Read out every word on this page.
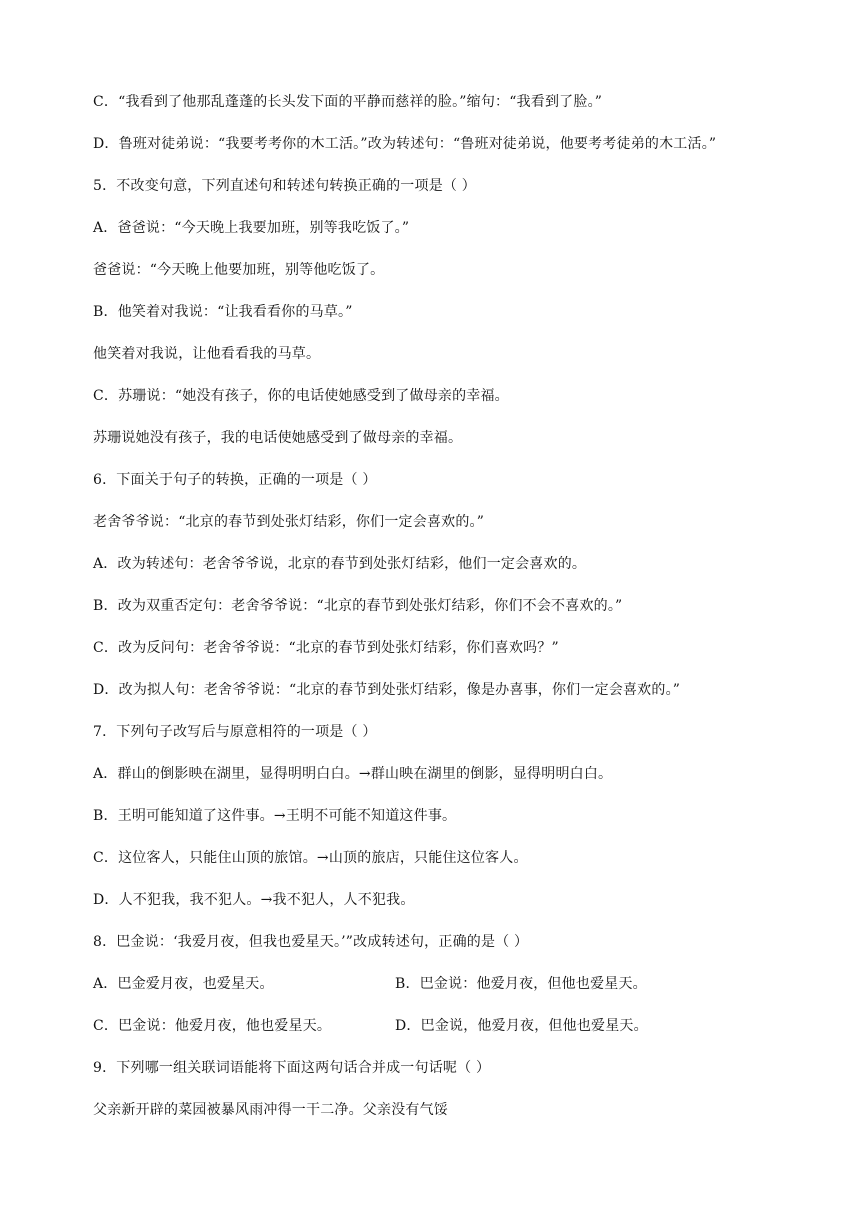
C．“我看到了他那乱蓬蓬的长头发下面的平静而慈祥的脸。”缩句：“我看到了脸。”
D．鲁班对徒弟说：“我要考考你的木工活。”改为转述句：“鲁班对徒弟说，他要考考徒弟的木工活。”
5．不改变句意，下列直述句和转述句转换正确的一项是（ ）
A．爸爸说：“今天晚上我要加班，别等我吃饭了。”
爸爸说：“今天晚上他要加班，别等他吃饭了。
B．他笑着对我说：“让我看看你的马草。”
他笑着对我说，让他看看我的马草。
C．苏珊说：“她没有孩子，你的电话使她感受到了做母亲的幸福。
苏珊说她没有孩子，我的电话使她感受到了做母亲的幸福。
6．下面关于句子的转换，正确的一项是（ ）
老舍爷爷说：“北京的春节到处张灯结彩，你们一定会喜欢的。”
A．改为转述句：老舍爷爷说，北京的春节到处张灯结彩，他们一定会喜欢的。
B．改为双重否定句：老舍爷爷说：“北京的春节到处张灯结彩，你们不会不喜欢的。”
C．改为反问句：老舍爷爷说：“北京的春节到处张灯结彩，你们喜欢吗？”
D．改为拟人句：老舍爷爷说：“北京的春节到处张灯结彩，像是办喜事，你们一定会喜欢的。”
7．下列句子改写后与原意相符的一项是（ ）
A．群山的倒影映在湖里，显得明明白白。→群山映在湖里的倒影，显得明明白白。
B．王明可能知道了这件事。→王明不可能不知道这件事。
C．这位客人，只能住山顶的旅馆。→山顶的旅店，只能住这位客人。
D．人不犯我，我不犯人。→我不犯人，人不犯我。
8．巴金说：‘我爱月夜，但我也爱星天。’”改成转述句，正确的是（ ）
A．巴金爱月夜，也爱星天。	B．巴金说：他爱月夜，但他也爱星天。
C．巴金说：他爱月夜，他也爱星天。	D．巴金说，他爱月夜，但他也爱星天。
9．下列哪一组关联词语能将下面这两句话合并成一句话呢（ ）
父亲新开辟的菜园被暴风雨冲得一干二净。父亲没有气馁
